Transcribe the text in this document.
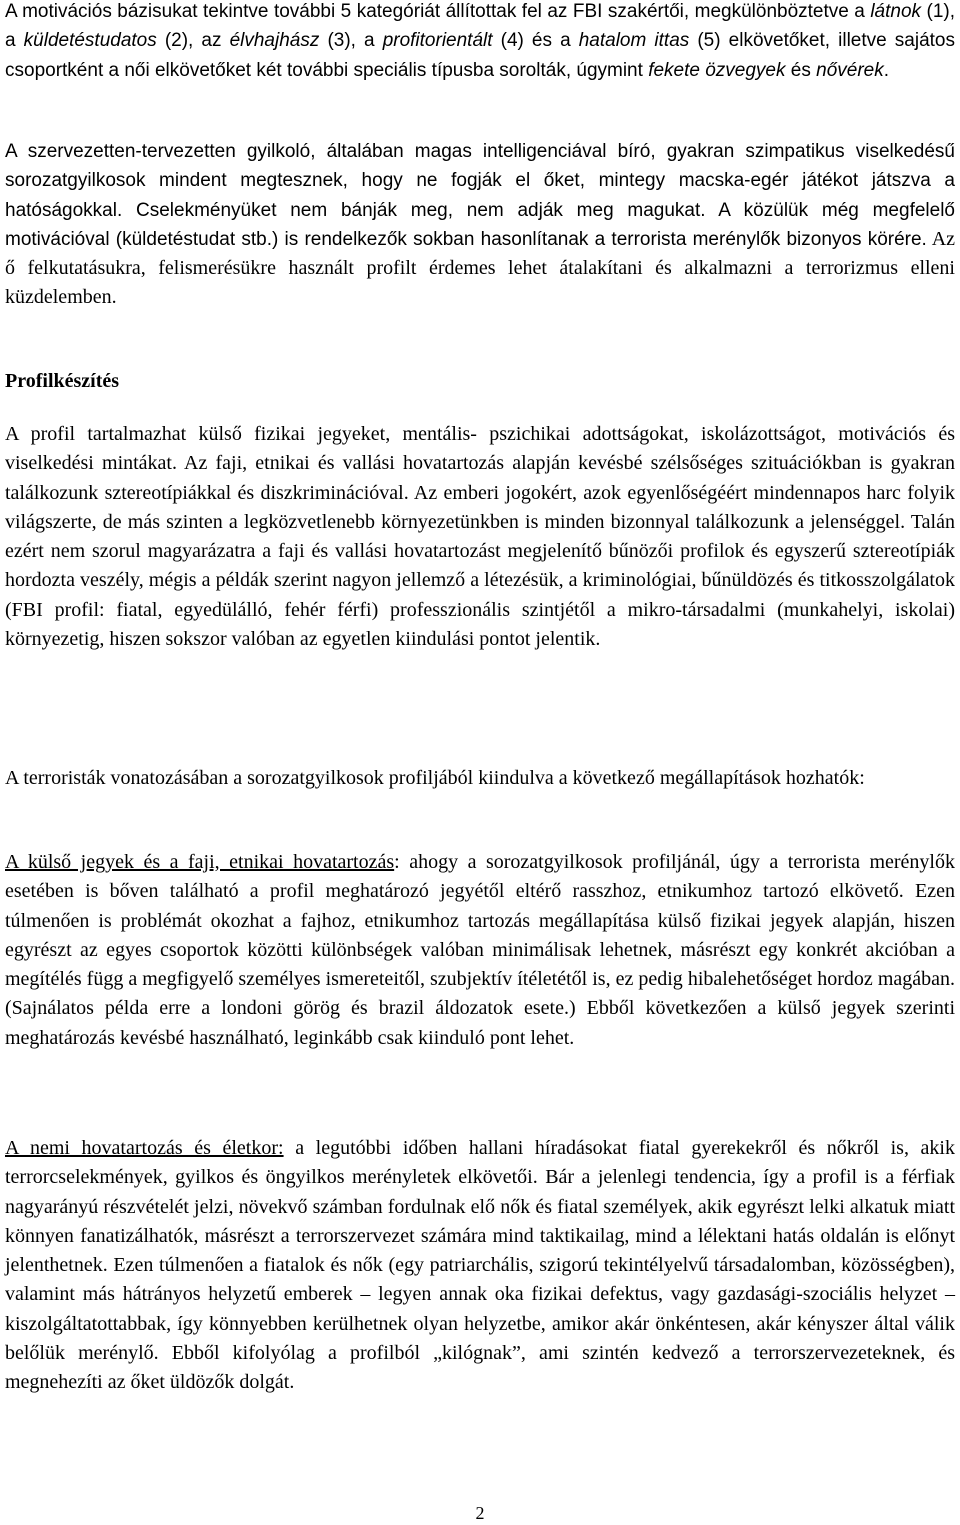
A motivációs bázisukat tekintve további 5 kategóriát állítottak fel az FBI szakértői, megkülönböztetve a látnok (1), a küldetéstudatos (2), az élvhajhász (3), a profitorientált (4) és a hatalom ittas (5) elkövetőket, illetve sajátos csoportként a női elkövetőket két további speciális típusba sorolták, úgymint fekete özvegyek és nővérek.

A szervezetten-tervezetten gyilkoló, általában magas intelligenciával bíró, gyakran szimpatikus viselkedésű sorozatgyilkosok mindent megtesznek, hogy ne fogják el őket, mintegy macska-egér játékot játszva a hatóságokkal. Cselekményüket nem bánják meg, nem adják meg magukat. A közülük még megfelelő motivációval (küldetéstudat stb.) is rendelkezők sokban hasonlítanak a terrorista merénylők bizonyos körére. Az ő felkutatásukra, felismerésükre használt profilt érdemes lehet átalakítani és alkalmazni a terrorizmus elleni küzdelemben.

Profilkészítés

A profil tartalmazhat külső fizikai jegyeket, mentális- pszichikai adottságokat, iskolázottságot, motivációs és viselkedési mintákat. Az faji, etnikai és vallási hovatartozás alapján kevésbé szélsőséges szituációkban is gyakran találkozunk sztereotípiákkal és diszkriminációval. Az emberi jogokért, azok egyenlőségéért mindennapos harc folyik világszerte, de más szinten a legközvetlenebb környezetünkben is minden bizonnyal találkozunk a jelenséggel. Talán ezért nem szorul magyarázatra a faji és vallási hovatartozást megjelenítő bűnözői profilok és egyszerű sztereotípiák hordozta veszély, mégis a példák szerint nagyon jellemző a létezésük, a kriminológiai, bűnüldözés és titkosszolgálatok (FBI profil: fiatal, egyedülálló, fehér férfi) professzionális szintjétől a mikro-társadalmi (munkahelyi, iskolai) környezetig, hiszen sokszor valóban az egyetlen kiindulási pontot jelentik.

A terroristák vonatozásában a sorozatgyilkosok profiljából kiindulva a következő megállapítások hozhatók:

A külső jegyek és a faji, etnikai hovatartozás: ahogy a sorozatgyilkosok profiljánál, úgy a terrorista merénylők esetében is bőven található a profil meghatározó jegyétől eltérő rasszhoz, etnikumhoz tartozó elkövető. Ezen túlmenően is problémát okozhat a fajhoz, etnikumhoz tartozás megállapítása külső fizikai jegyek alapján, hiszen egyrészt az egyes csoportok közötti különbségek valóban minimálisak lehetnek, másrészt egy konkrét akcióban a megítélés függ a megfigyelő személyes ismereteitől, szubjektív ítéletétől is, ez pedig hibalehetőséget hordoz magában. (Sajnálatos példa erre a londoni görög és brazil áldozatok esete.) Ebből következően a külső jegyek szerinti meghatározás kevésbé használható, leginkább csak kiinduló pont lehet.

A nemi hovatartozás és életkor: a legutóbbi időben hallani híradásokat fiatal gyerekekről és nőkről is, akik terrorcselekmények, gyilkos és öngyilkos merényletek elkövetői. Bár a jelenlegi tendencia, így a profil is a férfiak nagyarányú részvételét jelzi, növekvő számban fordulnak elő nők és fiatal személyek, akik egyrészt lelki alkatuk miatt könnyen fanatizálhatók, másrészt a terrorszervezet számára mind taktikailag, mind a lélektani hatás oldalán is előnyt jelenthetnek. Ezen túlmenően a fiatalok és nők (egy patriarchális, szigorú tekintélyelvű társadalomban, közösségben), valamint más hátrányos helyzetű emberek – legyen annak oka fizikai defektus, vagy gazdasági-szociális helyzet – kiszolgáltatottabbak, így könnyebben kerülhetnek olyan helyzetbe, amikor akár önkéntesen, akár kényszer által válik belőlük merénylő. Ebből kifolyólag a profilból „kilógnak”, ami szintén kedvező a terrorszervezeteknek, és megnehezíti az őket üldözők dolgát.

2
